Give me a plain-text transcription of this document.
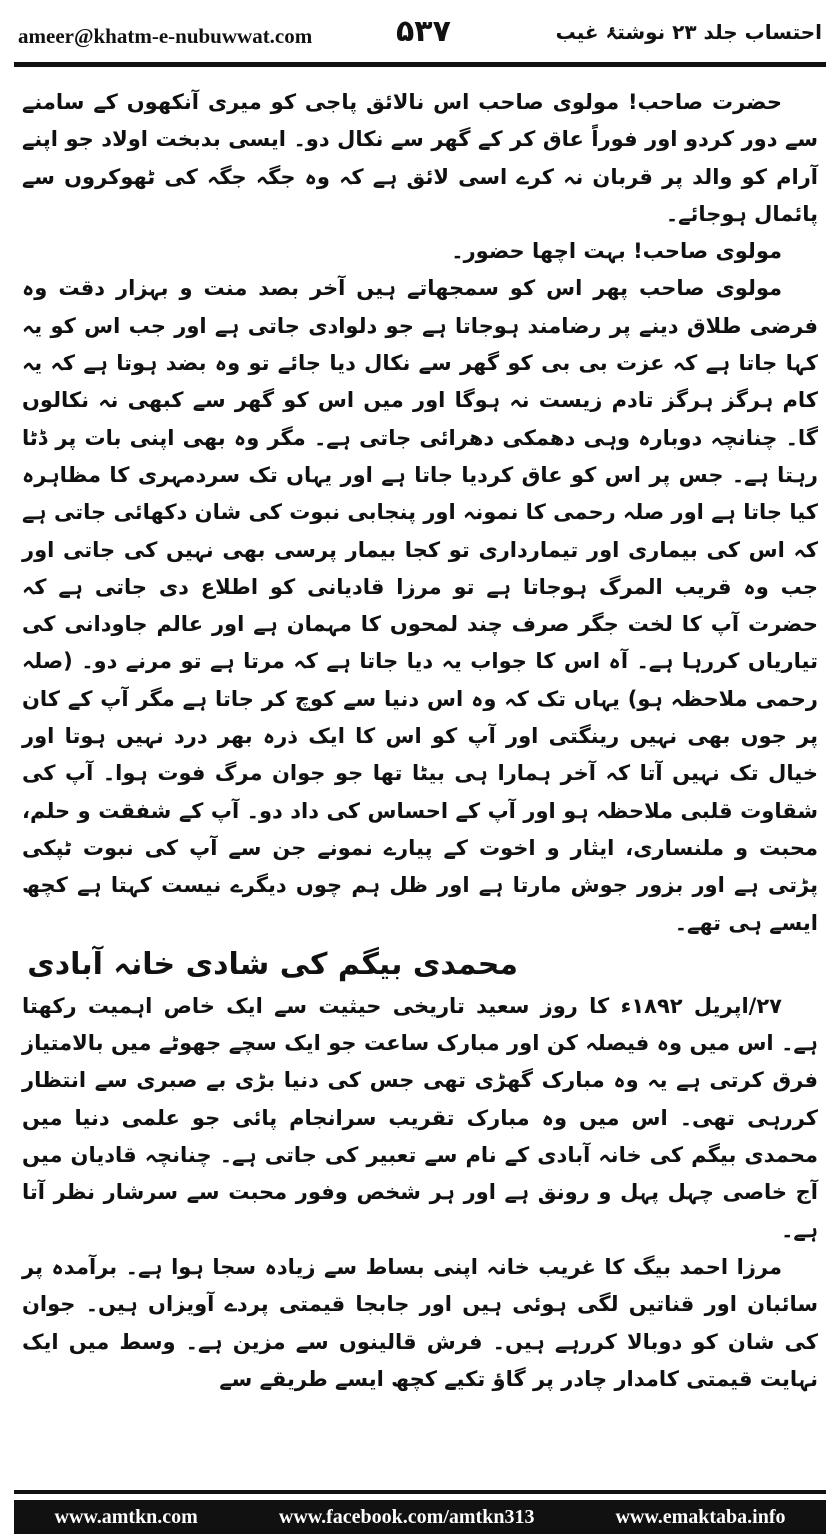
ameer@khatm-e-nubuwwat.com	۵۳۷	احتساب جلد ۲۳ نوشتۂ غیب

حضرت صاحب! مولوی صاحب اس نالائق پاجی کو میری آنکھوں کے سامنے سے دور کردو اور فوراً عاق کر کے گھر سے نکال دو۔ ایسی بدبخت اولاد جو اپنے آرام کو والد پر قربان نہ کرے اسی لائق ہے کہ وہ جگہ جگہ کی ٹھوکروں سے پائمال ہوجائے۔

مولوی صاحب! بہت اچھا حضور۔

مولوی صاحب پھر اس کو سمجھاتے ہیں آخر بصد منت و بہزار دقت وہ فرضی طلاق دینے پر رضامند ہوجاتا ہے جو دلوادی جاتی ہے اور جب اس کو یہ کہا جاتا ہے کہ عزت بی بی کو گھر سے نکال دیا جائے تو وہ بضد ہوتا ہے کہ یہ کام ہرگز ہرگز تادم زیست نہ ہوگا اور میں اس کو گھر سے کبھی نہ نکالوں گا۔ چنانچہ دوبارہ وہی دھمکی دھرائی جاتی ہے۔ مگر وہ بھی اپنی بات پر ڈٹا رہتا ہے۔ جس پر اس کو عاق کردیا جاتا ہے اور یہاں تک سردمہری کا مظاہرہ کیا جاتا ہے اور صلہ رحمی کا نمونہ اور پنجابی نبوت کی شان دکھائی جاتی ہے کہ اس کی بیماری اور تیمارداری تو کجا بیمار پرسی بھی نہیں کی جاتی اور جب وہ قریب المرگ ہوجاتا ہے تو مرزا قادیانی کو اطلاع دی جاتی ہے کہ حضرت آپ کا لخت جگر صرف چند لمحوں کا مہمان ہے اور عالم جاودانی کی تیاریاں کررہا ہے۔ آہ اس کا جواب یہ دیا جاتا ہے کہ مرتا ہے تو مرنے دو۔ (صلہ رحمی ملاحظہ ہو) یہاں تک کہ وہ اس دنیا سے کوچ کر جاتا ہے مگر آپ کے کان پر جوں بھی نہیں رینگتی اور آپ کو اس کا ایک ذرہ بھر درد نہیں ہوتا اور خیال تک نہیں آتا کہ آخر ہمارا ہی بیٹا تھا جو جوان مرگ فوت ہوا۔ آپ کی شقاوت قلبی ملاحظہ ہو اور آپ کے احساس کی داد دو۔ آپ کے شفقت و حلم، محبت و ملنساری، ایثار و اخوت کے پیارے نمونے جن سے آپ کی نبوت ٹپکی پڑتی ہے اور بزور جوش مارتا ہے اور ظل ہم چوں دیگرے نیست کہتا ہے کچھ ایسے ہی تھے۔

محمدی بیگم کی شادی خانہ آبادی

۲۷/اپریل ۱۸۹۲ء کا روز سعید تاریخی حیثیت سے ایک خاص اہمیت رکھتا ہے۔ اس میں وہ فیصلہ کن اور مبارک ساعت جو ایک سچے جھوٹے میں بالامتیاز فرق کرتی ہے یہ وہ مبارک گھڑی تھی جس کی دنیا بڑی بے صبری سے انتظار کررہی تھی۔ اس میں وہ مبارک تقریب سرانجام پائی جو علمی دنیا میں محمدی بیگم کی خانہ آبادی کے نام سے تعبیر کی جاتی ہے۔ چنانچہ قادیان میں آج خاصی چہل پہل و رونق ہے اور ہر شخص وفور محبت سے سرشار نظر آتا ہے۔

مرزا احمد بیگ کا غریب خانہ اپنی بساط سے زیادہ سجا ہوا ہے۔ برآمدہ پر سائبان اور قناتیں لگی ہوئی ہیں اور جابجا قیمتی پردے آویزاں ہیں۔ جوان کی شان کو دوبالا کررہے ہیں۔ فرش قالینوں سے مزین ہے۔ وسط میں ایک نہایت قیمتی کامدار چادر پر گاؤ تکیے کچھ ایسے طریقے سے

www.amtkn.com	www.facebook.com/amtkn313	www.emaktaba.info
